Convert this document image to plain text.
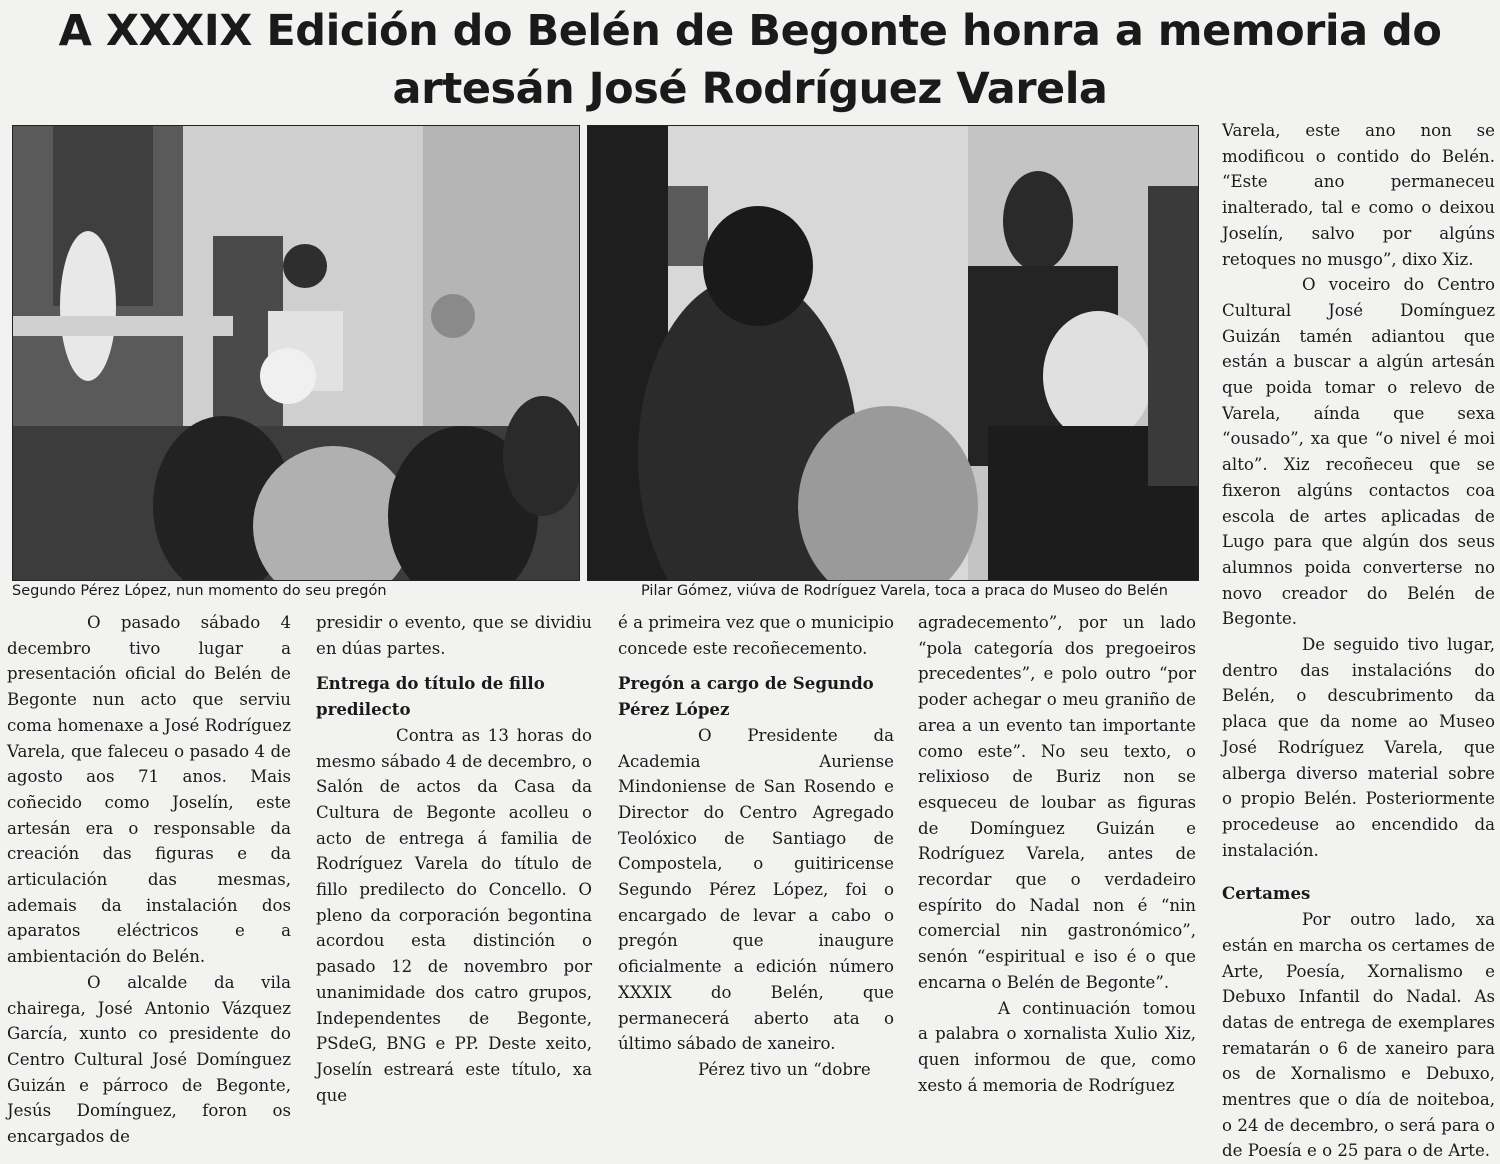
A XXXIX Edición do Belén de Begonte honra a memoria do
artesán José Rodríguez Varela

Segundo Pérez López, nun momento do seu pregón	Pilar Gómez, viúva de Rodríguez Varela, toca a praca do Museo do Belén

O pasado sábado 4 decembro tivo lugar a presentación oficial do Belén de Begonte nun acto que serviu coma homenaxe a José Rodríguez Varela, que faleceu o pasado 4 de agosto aos 71 anos. Mais coñecido como Joselín, este artesán era o responsable da creación das figuras e da articulación das mesmas, ademais da instalación dos aparatos eléctricos e a ambientación do Belén.

O alcalde da vila chairega, José Antonio Vázquez García, xunto co presidente do Centro Cultural José Domínguez Guizán e párroco de Begonte, Jesús Domínguez, foron os encargados de

presidir o evento, que se dividiu en dúas partes.

Entrega do título de fillo predilecto

Contra as 13 horas do mesmo sábado 4 de decembro, o Salón de actos da Casa da Cultura de Begonte acolleu o acto de entrega á familia de Rodríguez Varela do título de fillo predilecto do Concello. O pleno da corporación begontina acordou esta distinción o pasado 12 de novembro por unanimidade dos catro grupos, Independentes de Begonte, PSdeG, BNG e PP. Deste xeito, Joselín estreará este título, xa que

é a primeira vez que o municipio concede este recoñecemento.

Pregón a cargo de Segundo Pérez López

O Presidente da Academia Auriense Mindoniense de San Rosendo e Director do Centro Agregado Teolóxico de Santiago de Compostela, o guitiricense Segundo Pérez López, foi o encargado de levar a cabo o pregón que inaugure oficialmente a edición número XXXIX do Belén, que permanecerá aberto ata o último sábado de xaneiro.

Pérez tivo un “dobre

agradecemento”, por un lado “pola categoría dos pregoeiros precedentes”, e polo outro “por poder achegar o meu graniño de area a un evento tan importante como este”. No seu texto, o relixioso de Buriz non se esqueceu de loubar as figuras de Domínguez Guizán e Rodríguez Varela, antes de recordar que o verdadeiro espírito do Nadal non é “nin comercial nin gastronómico”, senón “espiritual e iso é o que encarna o Belén de Begonte”.

A continuación tomou a palabra o xornalista Xulio Xiz, quen informou de que, como xesto á memoria de Rodríguez

Varela, este ano non se modificou o contido do Belén. “Este ano permaneceu inalterado, tal e como o deixou Joselín, salvo por algúns retoques no musgo”, dixo Xiz.

O voceiro do Centro Cultural José Domínguez Guizán tamén adiantou que están a buscar a algún artesán que poida tomar o relevo de Varela, aínda que sexa “ousado”, xa que “o nivel é moi alto”. Xiz recoñeceu que se fixeron algúns contactos coa escola de artes aplicadas de Lugo para que algún dos seus alumnos poida converterse no novo creador do Belén de Begonte.

De seguido tivo lugar, dentro das instalacións do Belén, o descubrimento da placa que da nome ao Museo José Rodríguez Varela, que alberga diverso material sobre o propio Belén. Posteriormente procedeuse ao encendido da instalación.

Certames

Por outro lado, xa están en marcha os certames de Arte, Poesía, Xornalismo e Debuxo Infantil do Nadal. As datas de entrega de exemplares rematarán o 6 de xaneiro para os de Xornalismo e Debuxo, mentres que o día de noiteboa, o 24 de decembro, o será para o de Poesía e o 25 para o de Arte.
